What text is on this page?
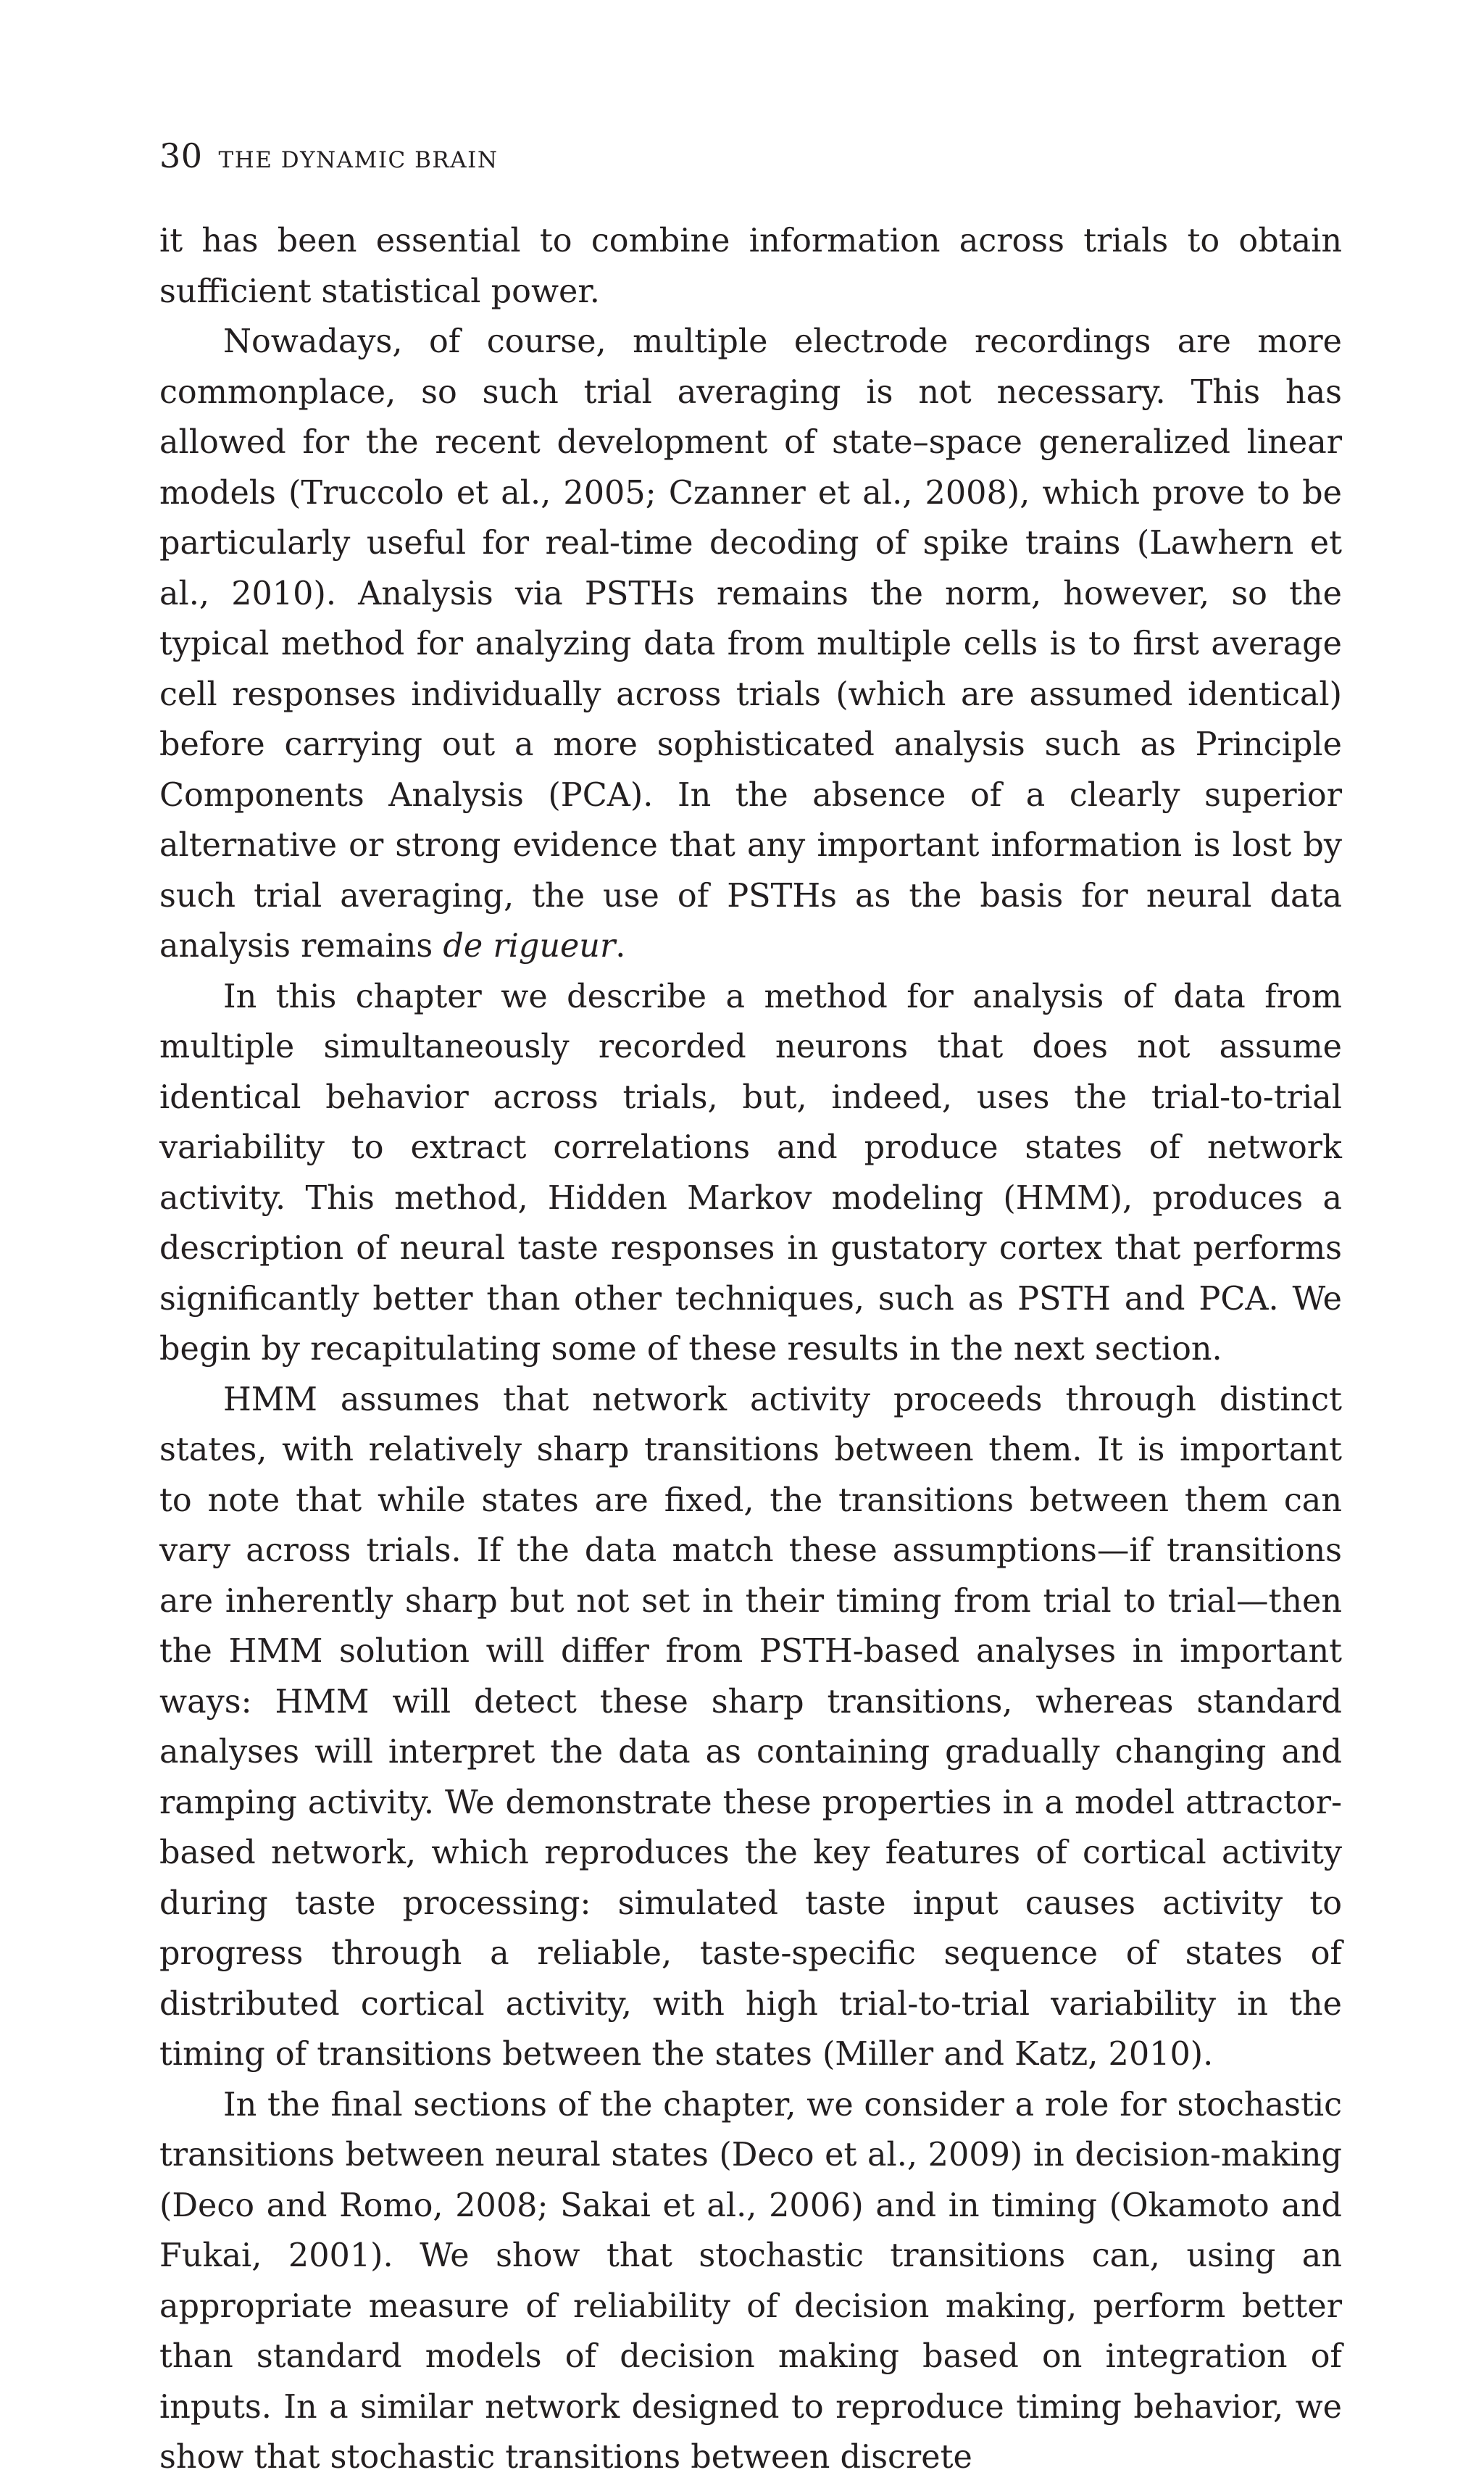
30 THE DYNAMIC BRAIN

it has been essential to combine information across trials to obtain sufficient statistical power.

Nowadays, of course, multiple electrode recordings are more commonplace, so such trial averaging is not necessary. This has allowed for the recent development of state–space generalized linear models (Truccolo et al., 2005; Czanner et al., 2008), which prove to be particularly useful for real-time decoding of spike trains (Lawhern et al., 2010). Analysis via PSTHs remains the norm, however, so the typical method for analyzing data from multiple cells is to first average cell responses individually across trials (which are assumed identical) before carrying out a more sophisticated analysis such as Principle Components Analysis (PCA). In the absence of a clearly superior alternative or strong evidence that any important information is lost by such trial averaging, the use of PSTHs as the basis for neural data analysis remains de rigueur.

In this chapter we describe a method for analysis of data from multiple simultaneously recorded neurons that does not assume identical behavior across trials, but, indeed, uses the trial-to-trial variability to extract correlations and produce states of network activity. This method, Hidden Markov modeling (HMM), produces a description of neural taste responses in gustatory cortex that performs significantly better than other techniques, such as PSTH and PCA. We begin by recapitulating some of these results in the next section.

HMM assumes that network activity proceeds through distinct states, with relatively sharp transitions between them. It is important to note that while states are fixed, the transitions between them can vary across trials. If the data match these assumptions—if transitions are inherently sharp but not set in their timing from trial to trial—then the HMM solution will differ from PSTH-based analyses in important ways: HMM will detect these sharp transitions, whereas standard analyses will interpret the data as containing gradually changing and ramping activity. We demonstrate these properties in a model attractor-based network, which reproduces the key features of cortical activity during taste processing: simulated taste input causes activity to progress through a reliable, taste-specific sequence of states of distributed cortical activity, with high trial-to-trial variability in the timing of transitions between the states (Miller and Katz, 2010).

In the final sections of the chapter, we consider a role for stochastic transitions between neural states (Deco et al., 2009) in decision-making (Deco and Romo, 2008; Sakai et al., 2006) and in timing (Okamoto and Fukai, 2001). We show that stochastic transitions can, using an appropriate measure of reliability of decision making, perform better than standard models of decision making based on integration of inputs. In a similar network designed to reproduce timing behavior, we show that stochastic transitions between discrete
